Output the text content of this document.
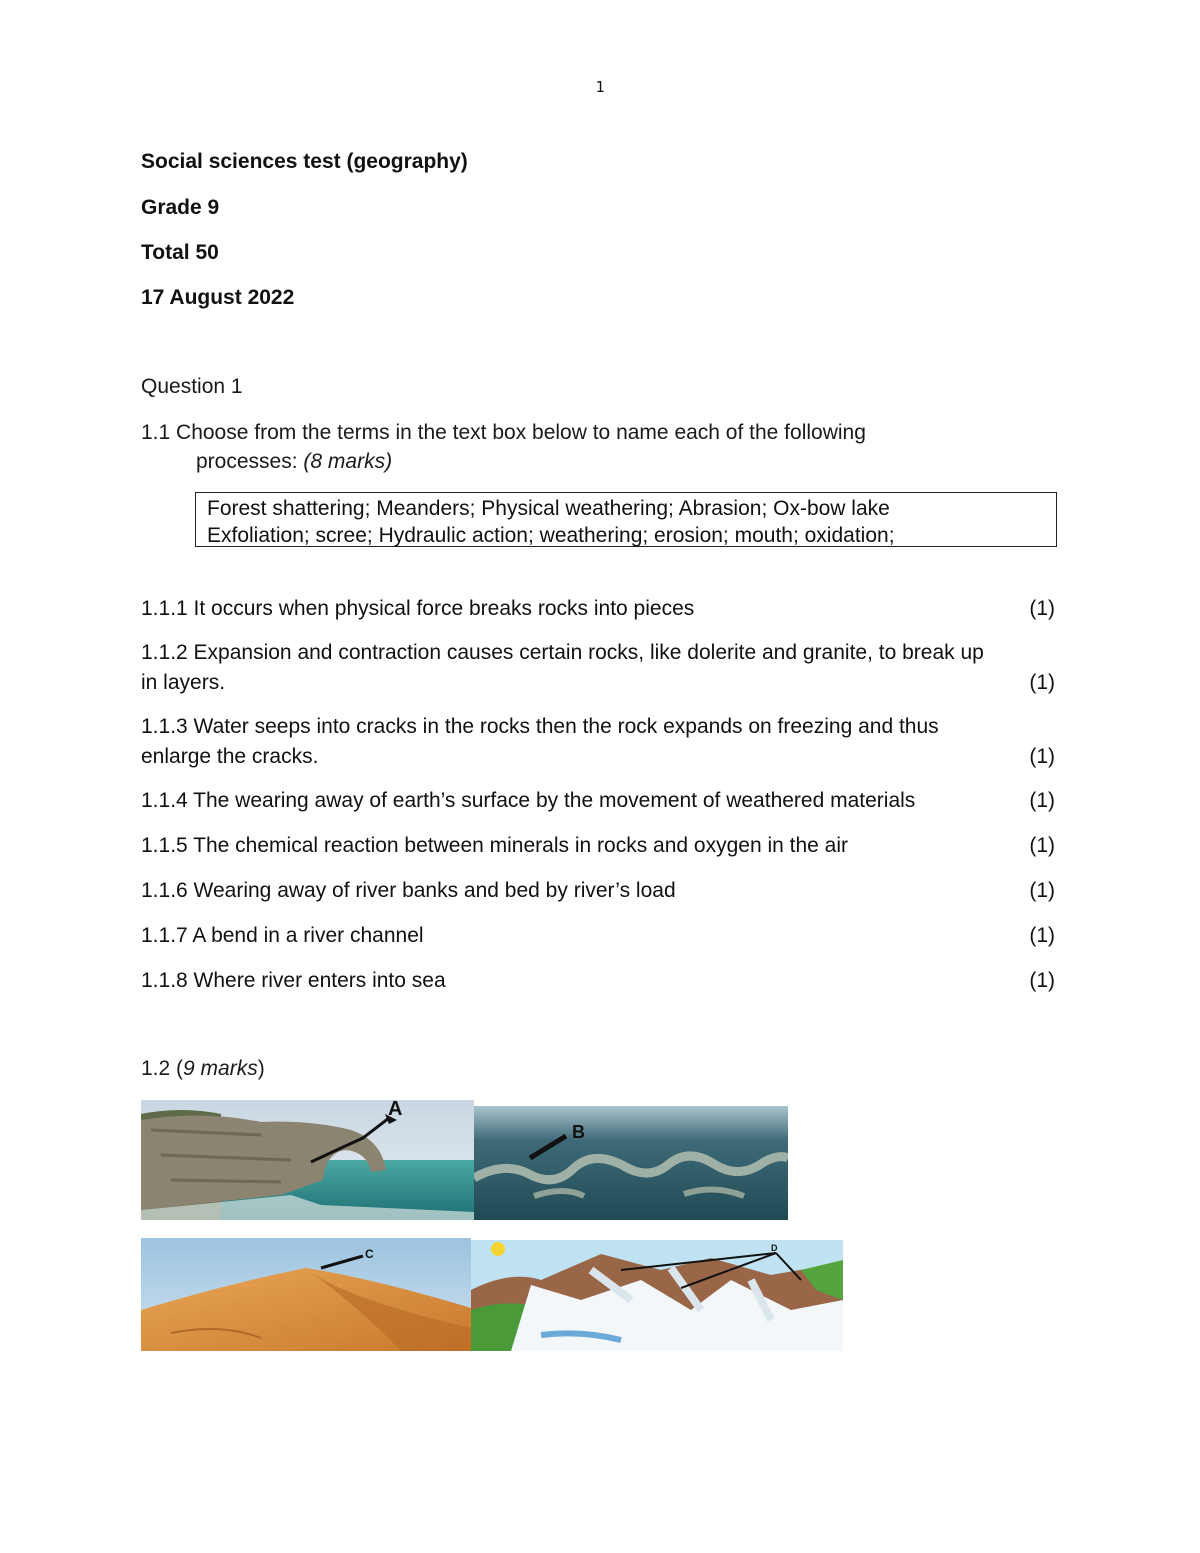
1
Social sciences test (geography)
Grade 9
Total 50
17 August 2022
Question 1
1.1 Choose from the terms in the text box below to name each of the following
processes: (8 marks)
Forest shattering; Meanders; Physical weathering; Abrasion; Ox-bow lake
Exfoliation; scree; Hydraulic action; weathering; erosion; mouth; oxidation;
1.1.1 It occurs when physical force breaks rocks into pieces	(1)
1.1.2 Expansion and contraction causes certain rocks, like dolerite and granite, to break up in layers.	(1)
1.1.3 Water seeps into cracks in the rocks then the rock expands on freezing and thus enlarge the cracks.	(1)
1.1.4 The wearing away of earth’s surface by the movement of weathered materials	(1)
1.1.5 The chemical reaction between minerals in rocks and oxygen in the air	(1)
1.1.6 Wearing away of river banks and bed by river’s load	(1)
1.1.7 A bend in a river channel	(1)
1.1.8 Where river enters into sea	(1)
1.2 (9 marks)
A
B
C	D
